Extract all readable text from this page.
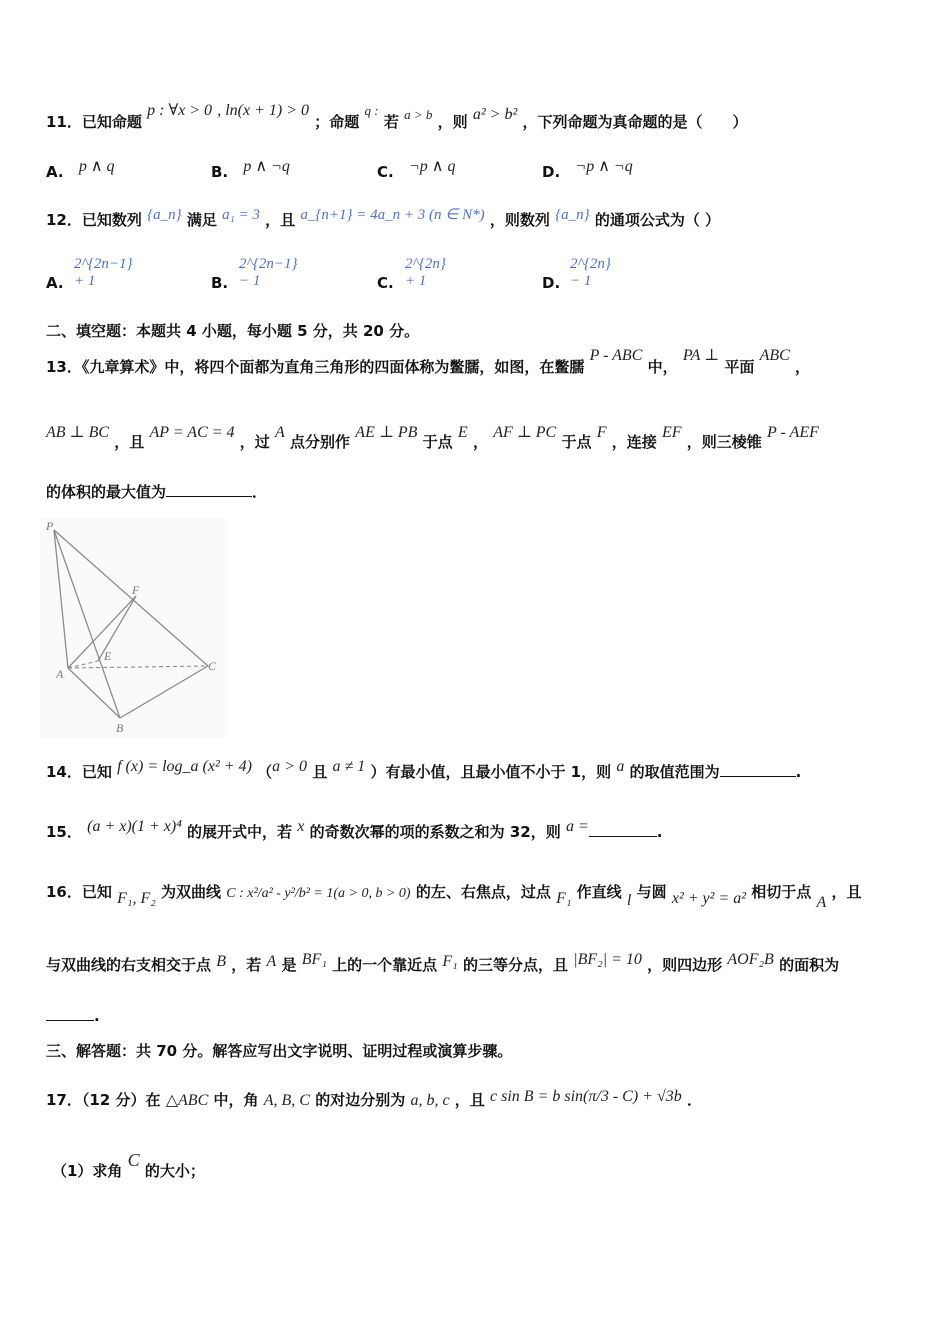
11．已知命题 p : ∀x > 0 , ln(x + 1) > 0 ；命题 q : 若 a > b ，则 a² > b² ，下列命题为真命题的是（　　）
A. p ∧ q	B. p ∧ ¬q	C. ¬p ∧ q	D. ¬p ∧ ¬q
12．已知数列 {a_n} 满足 a₁ = 3 ，且 a_{n+1} = 4a_n + 3 (n ∈ N*) ，则数列 {a_n} 的通项公式为（ ）
A.
2^{2n−1} + 1	B.
2^{2n−1} − 1	C.
2^{2n} + 1	D.
2^{2n} − 1
二、填空题：本题共 4 小题，每小题 5 分，共 20 分。
13．《九章算术》中，将四个面都为直角三角形的四面体称为鳖臑，如图，在鳖臑 P - ABC 中， PA ⊥ 平面 ABC ，
AB ⊥ BC ，且 AP = AC = 4 ，过 A 点分别作 AE ⊥ PB 于点 E ， AF ⊥ PC 于点 F ，连接 EF ，则三棱锥 P - AEF
的体积的最大值为	．
P
F
E
A
C
B
14．已知 f (x) = log_a (x² + 4) （a > 0 且 a ≠ 1 ）有最小值，且最小值不小于 1，则 a 的取值范围为	.
15． (a + x)(1 + x)⁴ 的展开式中，若 x 的奇数次幂的项的系数之和为 32，则 a =	.
16．已知 F₁, F₂ 为双曲线 C : x²/a² - y²/b² = 1(a > 0, b > 0) 的左、右焦点，过点 F₁ 作直线 l 与圆 x² + y² = a² 相切于点 A ，且
与双曲线的右支相交于点 B ，若 A 是 BF₁ 上的一个靠近点 F₁ 的三等分点，且 |BF₂| = 10 ，则四边形 AOF₂B 的面积为
.
三、解答题：共 70 分。解答应写出文字说明、证明过程或演算步骤。
17．（12 分）在 △ABC 中，角 A, B, C 的对边分别为 a, b, c ，且 c sin B = b sin(π/3 - C) + √3b ．
（1）求角 C 的大小；
